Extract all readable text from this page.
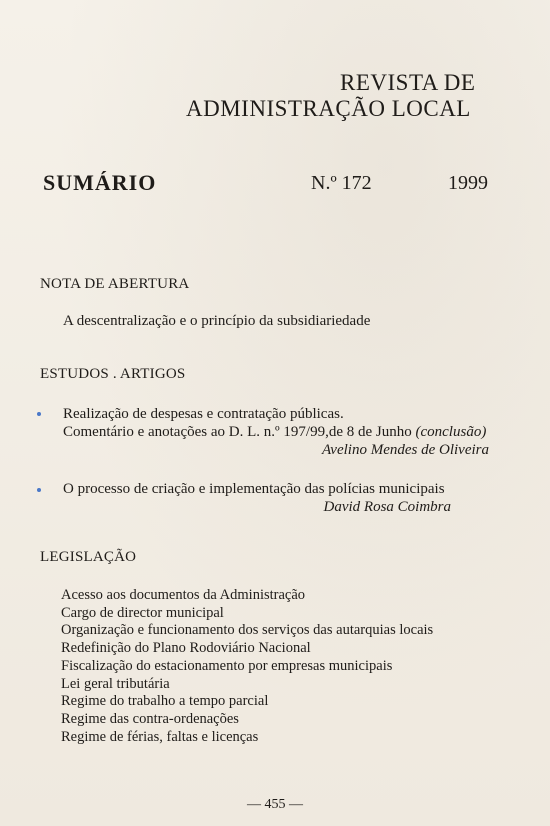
REVISTA DE
ADMINISTRAÇÃO LOCAL
SUMÁRIO	N.º 172	1999
NOTA DE ABERTURA
A descentralização e o princípio da subsidiariedade
ESTUDOS . ARTIGOS
Realização de despesas e contratação públicas.
Comentário e anotações ao D. L. n.º 197/99,de 8 de Junho (conclusão)
Avelino Mendes de Oliveira
O processo de criação e implementação das polícias municipais
David Rosa Coimbra
LEGISLAÇÃO
Acesso aos documentos da Administração
Cargo de director municipal
Organização e funcionamento dos serviços das autarquias locais
Redefinição do Plano Rodoviário Nacional
Fiscalização do estacionamento por empresas municipais
Lei geral tributária
Regime do trabalho a tempo parcial
Regime das contra-ordenações
Regime de férias, faltas e licenças
— 455 —
